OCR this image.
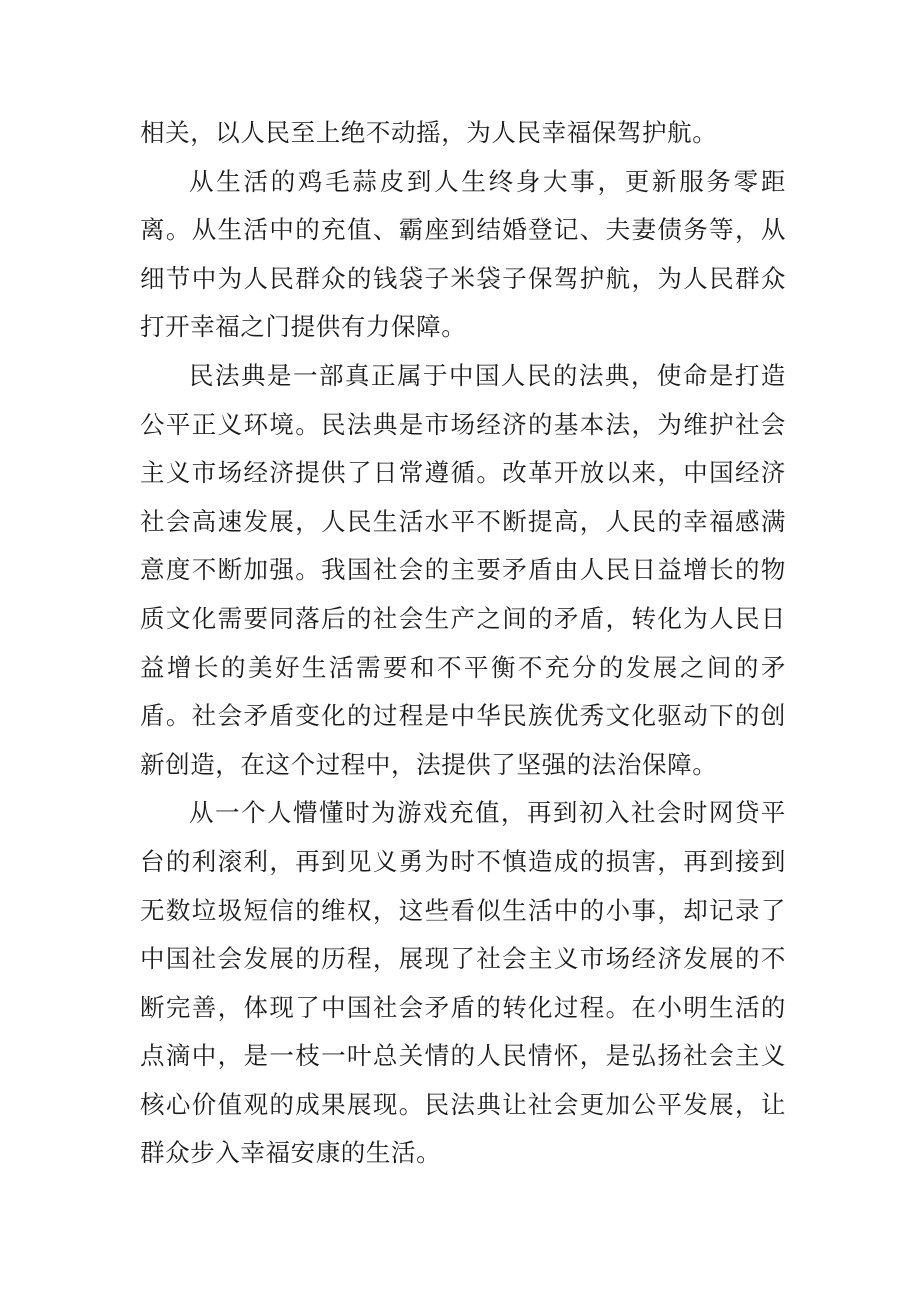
相关，以人民至上绝不动摇，为人民幸福保驾护航。

从生活的鸡毛蒜皮到人生终身大事，更新服务零距离。从生活中的充值、霸座到结婚登记、夫妻债务等，从细节中为人民群众的钱袋子米袋子保驾护航，为人民群众打开幸福之门提供有力保障。

民法典是一部真正属于中国人民的法典，使命是打造公平正义环境。民法典是市场经济的基本法，为维护社会主义市场经济提供了日常遵循。改革开放以来，中国经济社会高速发展，人民生活水平不断提高，人民的幸福感满意度不断加强。我国社会的主要矛盾由人民日益增长的物质文化需要同落后的社会生产之间的矛盾，转化为人民日益增长的美好生活需要和不平衡不充分的发展之间的矛盾。社会矛盾变化的过程是中华民族优秀文化驱动下的创新创造，在这个过程中，法提供了坚强的法治保障。

从一个人懵懂时为游戏充值，再到初入社会时网贷平台的利滚利，再到见义勇为时不慎造成的损害，再到接到无数垃圾短信的维权，这些看似生活中的小事，却记录了中国社会发展的历程，展现了社会主义市场经济发展的不断完善，体现了中国社会矛盾的转化过程。在小明生活的点滴中，是一枝一叶总关情的人民情怀，是弘扬社会主义核心价值观的成果展现。民法典让社会更加公平发展，让群众步入幸福安康的生活。
